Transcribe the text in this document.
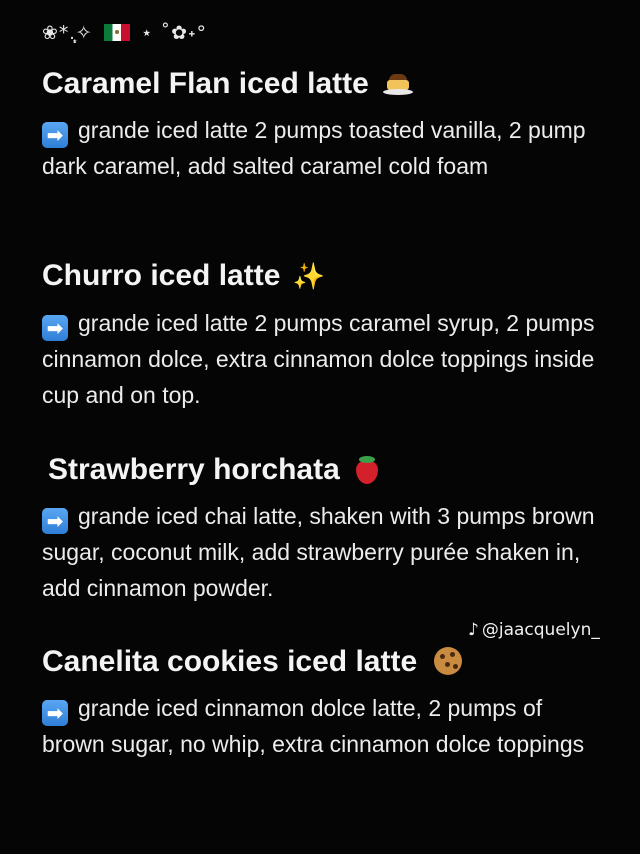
❀*.̩̩͙✧	⋆ ˚✿˖°
Caramel Flan iced latte

➡ grande iced latte 2 pumps toasted vanilla, 2 pump dark caramel, add salted caramel cold foam

Churro iced latte ✨

➡ grande iced latte 2 pumps caramel syrup, 2 pumps cinnamon dolce, extra cinnamon dolce toppings inside cup and on top.

Strawberry horchata

➡ grande iced chai latte, shaken with 3 pumps brown sugar, coconut milk, add strawberry purée shaken in, add cinnamon powder.

♪ @jaacquelyn_
Canelita cookies iced latte

➡ grande iced cinnamon dolce latte, 2 pumps of brown sugar, no whip, extra cinnamon dolce toppings
